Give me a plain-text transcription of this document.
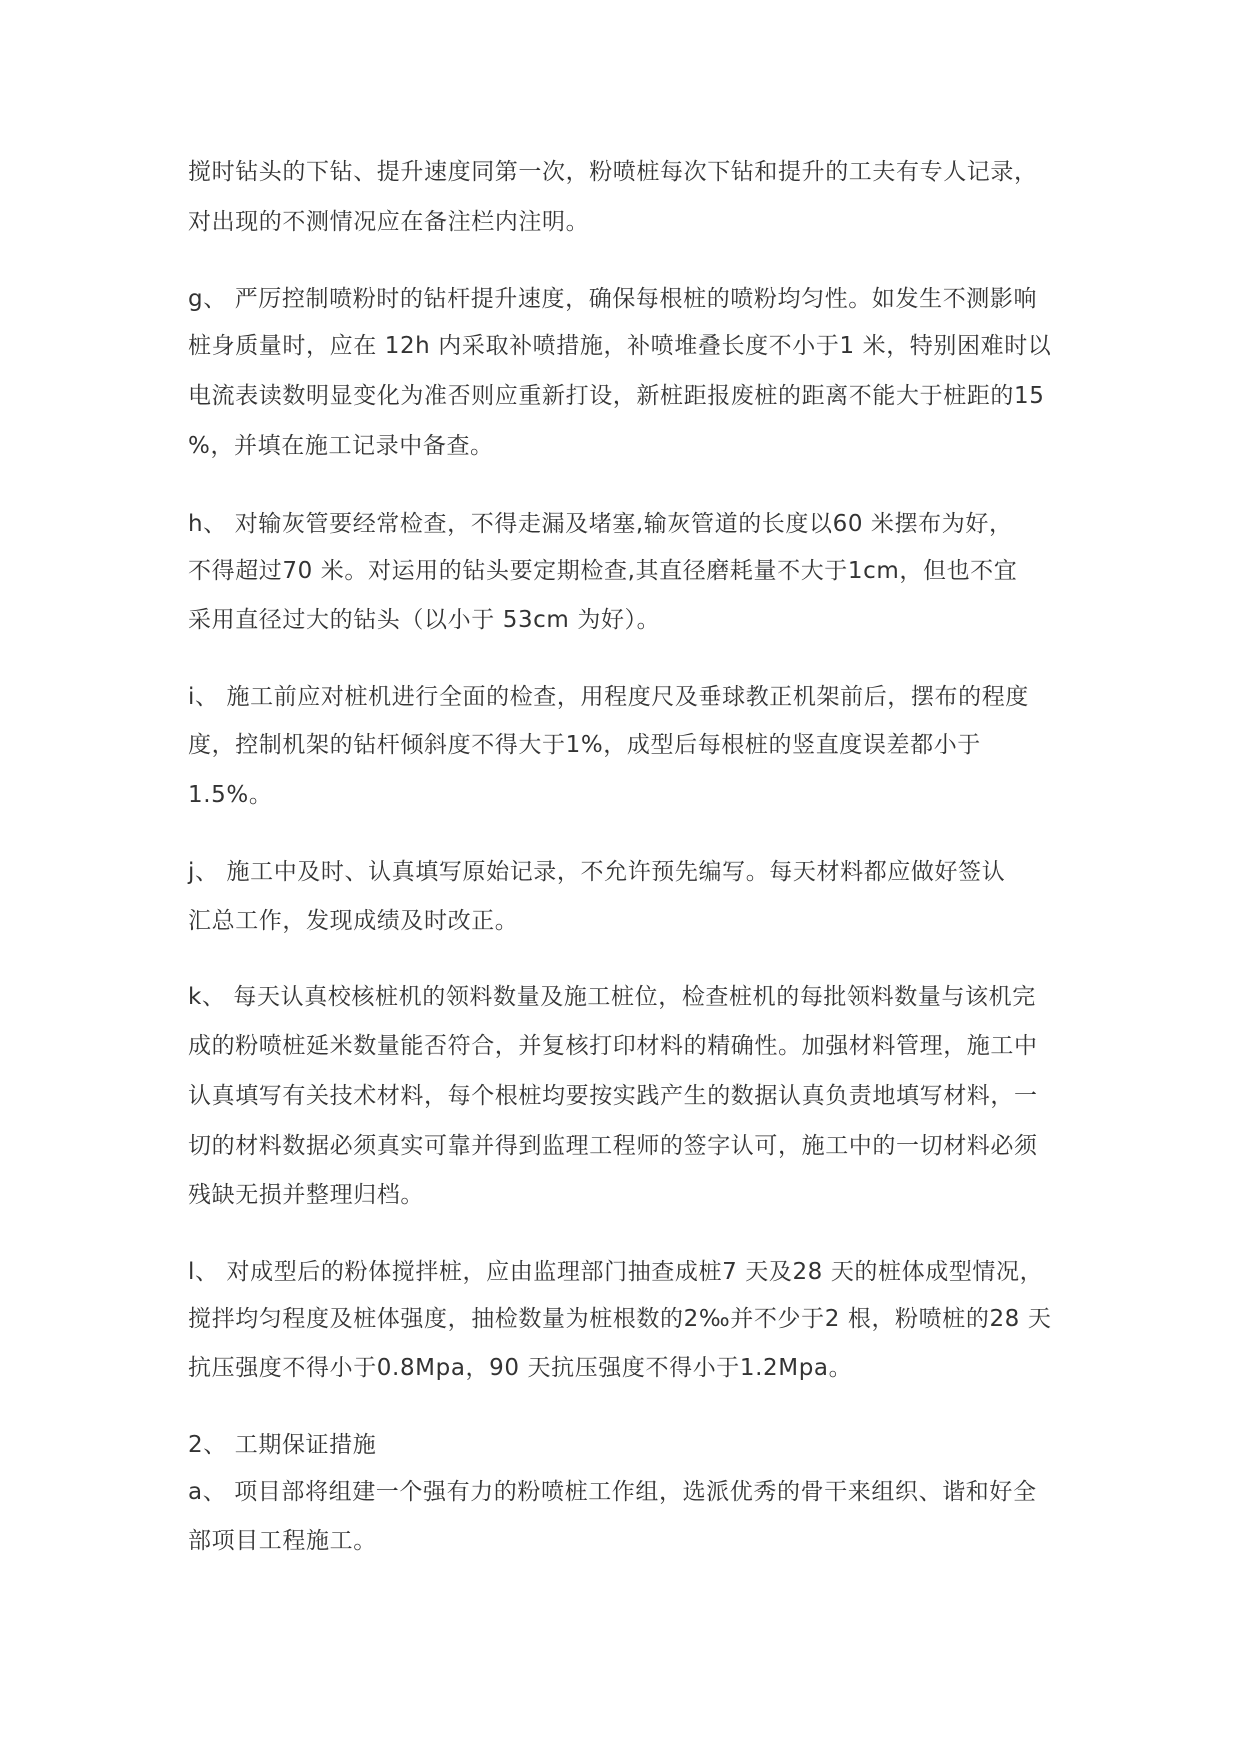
搅时钻头的下钻、提升速度同第一次，粉喷桩每次下钻和提升的工夫有专人记录，
对出现的不测情况应在备注栏内注明。
g、 严厉控制喷粉时的钻杆提升速度，确保每根桩的喷粉均匀性。如发生不测影响
桩身质量时，应在 12h 内采取补喷措施，补喷堆叠长度不小于1 米，特别困难时以
电流表读数明显变化为准否则应重新打设，新桩距报废桩的距离不能大于桩距的15
%，并填在施工记录中备查。
h、 对输灰管要经常检查，不得走漏及堵塞,输灰管道的长度以60 米摆布为好，
不得超过70 米。对运用的钻头要定期检查,其直径磨耗量不大于1cm，但也不宜
采用直径过大的钻头（以小于 53cm 为好）。
i、 施工前应对桩机进行全面的检查，用程度尺及垂球教正机架前后，摆布的程度
度，控制机架的钻杆倾斜度不得大于1%，成型后每根桩的竖直度误差都小于
1.5%。
j、 施工中及时、认真填写原始记录，不允许预先编写。每天材料都应做好签认
汇总工作，发现成绩及时改正。
k、 每天认真校核桩机的领料数量及施工桩位，检查桩机的每批领料数量与该机完
成的粉喷桩延米数量能否符合，并复核打印材料的精确性。加强材料管理，施工中
认真填写有关技术材料，每个根桩均要按实践产生的数据认真负责地填写材料，一
切的材料数据必须真实可靠并得到监理工程师的签字认可，施工中的一切材料必须
残缺无损并整理归档。
l、 对成型后的粉体搅拌桩，应由监理部门抽查成桩7 天及28 天的桩体成型情况，
搅拌均匀程度及桩体强度，抽检数量为桩根数的2‰并不少于2 根，粉喷桩的28 天
抗压强度不得小于0.8Mpa，90 天抗压强度不得小于1.2Mpa。
2、 工期保证措施
a、 项目部将组建一个强有力的粉喷桩工作组，选派优秀的骨干来组织、谐和好全
部项目工程施工。
